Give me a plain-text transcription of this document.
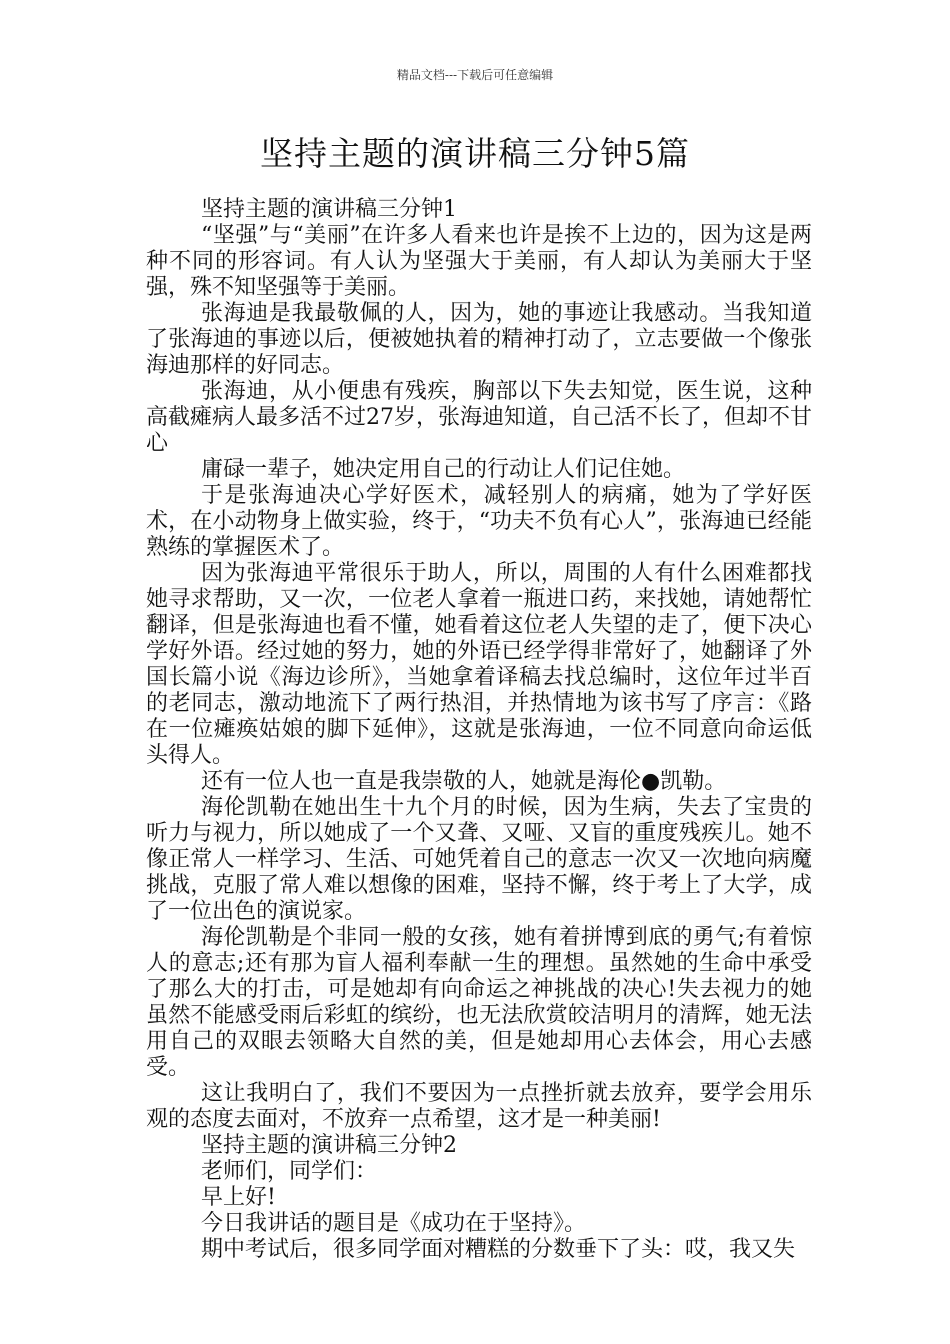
精品文档---下载后可任意编辑
坚持主题的演讲稿三分钟5篇

坚持主题的演讲稿三分钟1

“坚强”与“美丽”在许多人看来也许是挨不上边的，因为这是两种不同的形容词。有人认为坚强大于美丽，有人却认为美丽大于坚强，殊不知坚强等于美丽。

张海迪是我最敬佩的人，因为，她的事迹让我感动。当我知道了张海迪的事迹以后，便被她执着的精神打动了，立志要做一个像张海迪那样的好同志。

张海迪，从小便患有残疾，胸部以下失去知觉，医生说，这种高截瘫病人最多活不过27岁，张海迪知道，自己活不长了，但却不甘心

庸碌一辈子，她决定用自己的行动让人们记住她。

于是张海迪决心学好医术，减轻别人的病痛，她为了学好医术，在小动物身上做实验，终于，“功夫不负有心人”，张海迪已经能熟练的掌握医术了。

因为张海迪平常很乐于助人，所以，周围的人有什么困难都找她寻求帮助，又一次，一位老人拿着一瓶进口药，来找她，请她帮忙翻译，但是张海迪也看不懂，她看着这位老人失望的走了，便下决心学好外语。经过她的努力，她的外语已经学得非常好了，她翻译了外国长篇小说《海边诊所》，当她拿着译稿去找总编时，这位年过半百的老同志，激动地流下了两行热泪，并热情地为该书写了序言：《路在一位瘫痪姑娘的脚下延伸》，这就是张海迪，一位不同意向命运低头得人。

还有一位人也一直是我崇敬的人，她就是海伦●凯勒。

海伦凯勒在她出生十九个月的时候，因为生病，失去了宝贵的听力与视力，所以她成了一个又聋、又哑、又盲的重度残疾儿。她不像正常人一样学习、生活、可她凭着自己的意志一次又一次地向病魔挑战，克服了常人难以想像的困难，坚持不懈，终于考上了大学，成了一位出色的演说家。

海伦凯勒是个非同一般的女孩，她有着拼博到底的勇气;有着惊人的意志;还有那为盲人福利奉献一生的理想。虽然她的生命中承受了那么大的打击，可是她却有向命运之神挑战的决心!失去视力的她虽然不能感受雨后彩虹的缤纷，也无法欣赏皎洁明月的清辉，她无法用自己的双眼去领略大自然的美，但是她却用心去体会，用心去感受。

这让我明白了，我们不要因为一点挫折就去放弃，要学会用乐观的态度去面对，不放弃一点希望，这才是一种美丽!

坚持主题的演讲稿三分钟2

老师们，同学们：

早上好!

今日我讲话的题目是《成功在于坚持》。

期中考试后，很多同学面对糟糕的分数垂下了头：哎，我又失
